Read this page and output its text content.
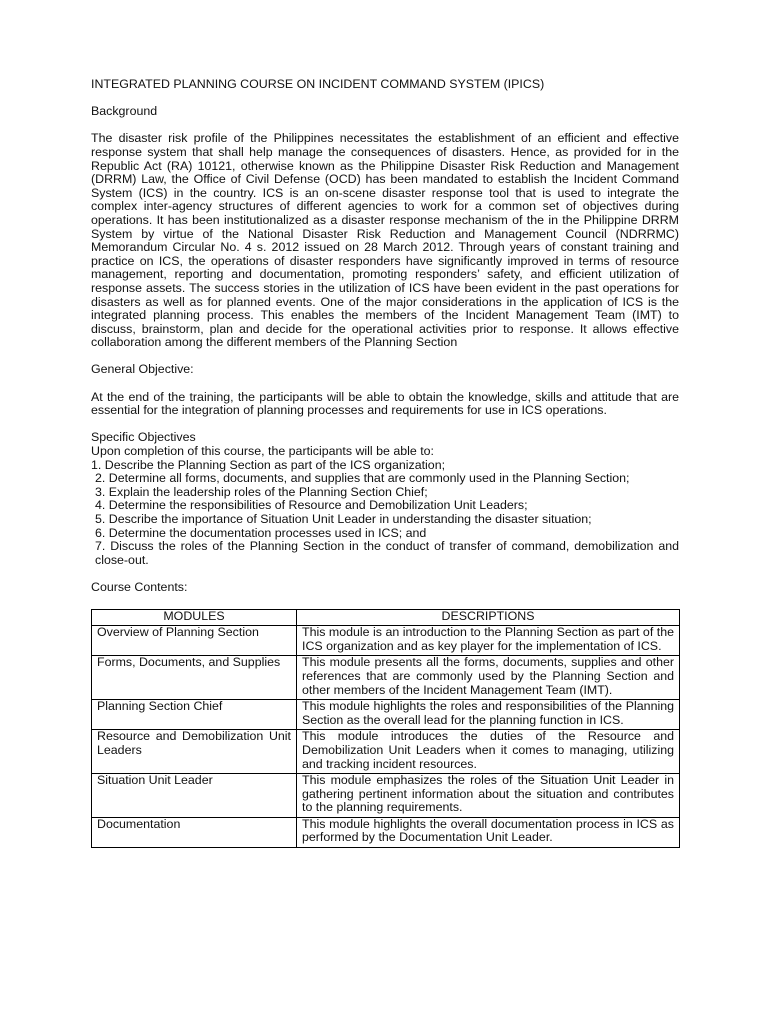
INTEGRATED PLANNING COURSE ON INCIDENT COMMAND SYSTEM (IPICS)

Background

The disaster risk profile of the Philippines necessitates the establishment of an efficient and effective response system that shall help manage the consequences of disasters. Hence, as provided for in the Republic Act (RA) 10121, otherwise known as the Philippine Disaster Risk Reduction and Management (DRRM) Law, the Office of Civil Defense (OCD) has been mandated to establish the Incident Command System (ICS) in the country. ICS is an on-scene disaster response tool that is used to integrate the complex inter-agency structures of different agencies to work for a common set of objectives during operations. It has been institutionalized as a disaster response mechanism of the in the Philippine DRRM System by virtue of the National Disaster Risk Reduction and Management Council (NDRRMC) Memorandum Circular No. 4 s. 2012 issued on 28 March 2012. Through years of constant training and practice on ICS, the operations of disaster responders have significantly improved in terms of resource management, reporting and documentation, promoting responders’ safety, and efficient utilization of response assets. The success stories in the utilization of ICS have been evident in the past operations for disasters as well as for planned events. One of the major considerations in the application of ICS is the integrated planning process. This enables the members of the Incident Management Team (IMT) to discuss, brainstorm, plan and decide for the operational activities prior to response. It allows effective collaboration among the different members of the Planning Section

General Objective:

At the end of the training, the participants will be able to obtain the knowledge, skills and attitude that are essential for the integration of planning processes and requirements for use in ICS operations.

Specific Objectives

Upon completion of this course, the participants will be able to:

1. Describe the Planning Section as part of the ICS organization;
2. Determine all forms, documents, and supplies that are commonly used in the Planning Section;
3. Explain the leadership roles of the Planning Section Chief;
4. Determine the responsibilities of Resource and Demobilization Unit Leaders;
5. Describe the importance of Situation Unit Leader in understanding the disaster situation;
6. Determine the documentation processes used in ICS; and
7. Discuss the roles of the Planning Section in the conduct of transfer of command, demobilization and close-out.

Course Contents:

MODULES	DESCRIPTIONS
Overview of Planning Section	This module is an introduction to the Planning Section as part of the ICS organization and as key player for the implementation of ICS.
Forms, Documents, and Supplies	This module presents all the forms, documents, supplies and other references that are commonly used by the Planning Section and other members of the Incident Management Team (IMT).
Planning Section Chief	This module highlights the roles and responsibilities of the Planning Section as the overall lead for the planning function in ICS.
Resource and Demobilization Unit Leaders	This module introduces the duties of the Resource and Demobilization Unit Leaders when it comes to managing, utilizing and tracking incident resources.
Situation Unit Leader	This module emphasizes the roles of the Situation Unit Leader in gathering pertinent information about the situation and contributes to the planning requirements.
Documentation	This module highlights the overall documentation process in ICS as performed by the Documentation Unit Leader.
